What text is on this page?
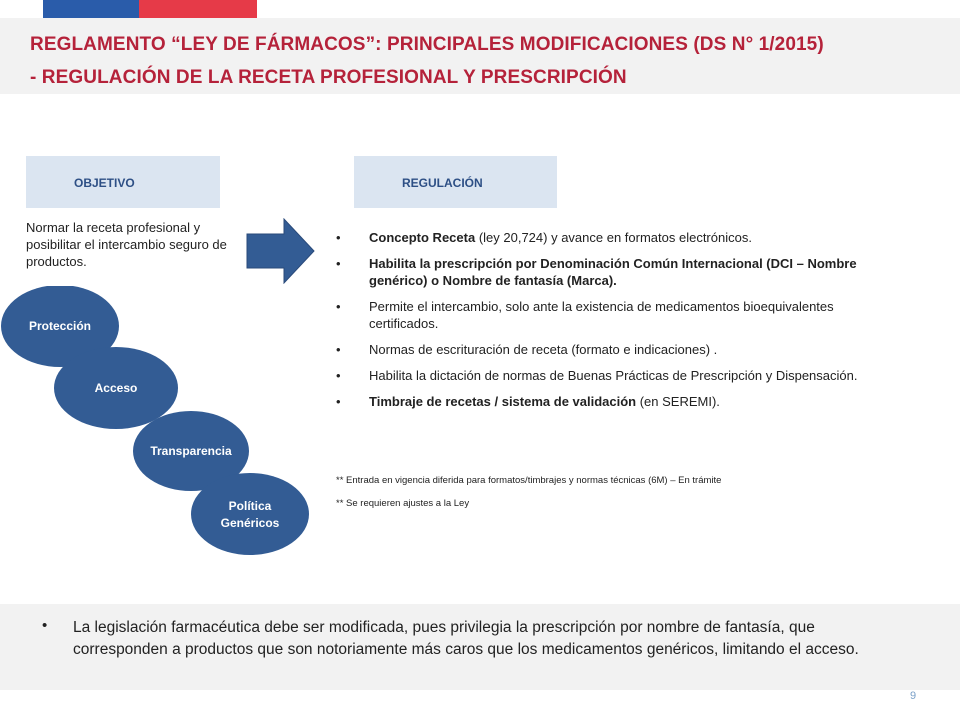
REGLAMENTO “LEY DE FÁRMACOS”: PRINCIPALES MODIFICACIONES (DS N° 1/2015)
- REGULACIÓN DE LA RECETA PROFESIONAL Y PRESCRIPCIÓN
OBJETIVO	REGULACIÓN
Normar la receta profesional y posibilitar el intercambio seguro de productos.
Protección
Acceso
Transparencia
Política
Genéricos
• Concepto Receta (ley 20,724) y avance en formatos electrónicos.
• Habilita la prescripción por Denominación Común Internacional (DCI – Nombre genérico) o Nombre de fantasía (Marca).
• Permite el intercambio, solo ante la existencia de medicamentos bioequivalentes certificados.
• Normas de escrituración de receta (formato e indicaciones) .
• Habilita la dictación de normas de Buenas Prácticas de Prescripción y Dispensación.
• Timbraje de recetas / sistema de validación (en SEREMI).
** Entrada en vigencia diferida para formatos/timbrajes y normas técnicas (6M) – En trámite
** Se requieren ajustes a la Ley
• La legislación farmacéutica debe ser modificada, pues privilegia la prescripción por nombre de fantasía, que corresponden a productos que son notoriamente más caros que los medicamentos genéricos, limitando el acceso.
9
